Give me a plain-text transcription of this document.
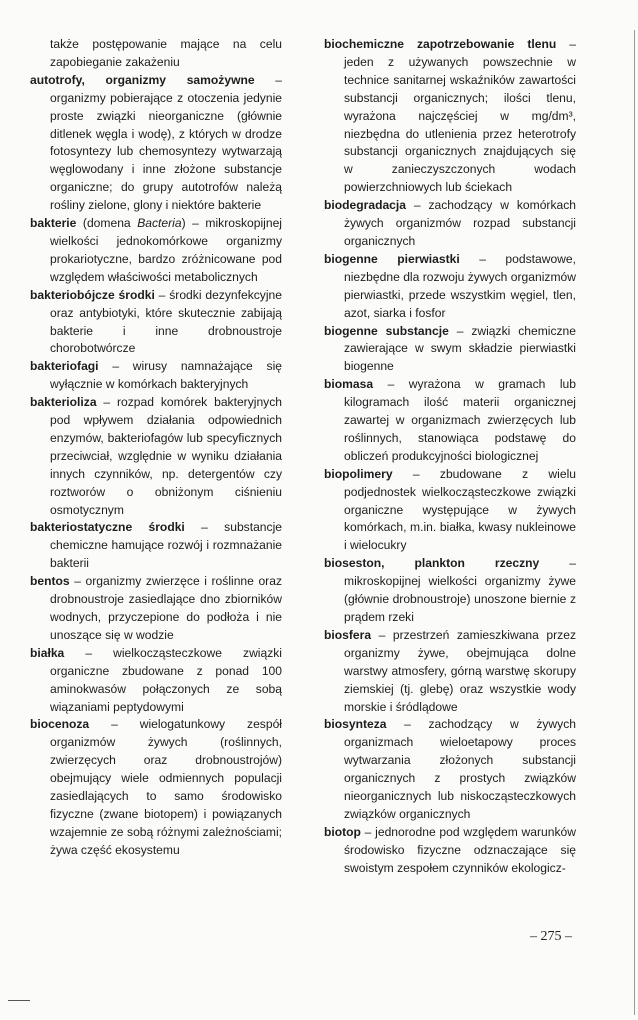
także postępowanie mające na celu zapobieganie zakażeniu
autotrofy, organizmy samożywne – organizmy pobierające z otoczenia jedynie proste związki nieorganiczne (głównie ditlenek węgla i wodę), z których w drodze fotosyntezy lub chemosyntezy wytwarzają węglowodany i inne złożone substancje organiczne; do grupy autotrofów należą rośliny zielone, glony i niektóre bakterie
bakterie (domena Bacteria) – mikroskopijnej wielkości jednokomórkowe organizmy prokariotyczne, bardzo zróżnicowane pod względem właściwości metabolicznych
bakteriobójcze środki – środki dezynfekcyjne oraz antybiotyki, które skutecznie zabijają bakterie i inne drobnoustroje chorobotwórcze
bakteriofagi – wirusy namnażające się wyłącznie w komórkach bakteryjnych
bakterioliza – rozpad komórek bakteryjnych pod wpływem działania odpowiednich enzymów, bakteriofagów lub specyficznych przeciwciał, względnie w wyniku działania innych czynników, np. detergentów czy roztworów o obniżonym ciśnieniu osmotycznym
bakteriostatyczne środki – substancje chemiczne hamujące rozwój i rozmnażanie bakterii
bentos – organizmy zwierzęce i roślinne oraz drobnoustroje zasiedlające dno zbiorników wodnych, przyczepione do podłoża i nie unoszące się w wodzie
białka – wielkocząsteczkowe związki organiczne zbudowane z ponad 100 aminokwasów połączonych ze sobą wiązaniami peptydowymi
biocenoza – wielogatunkowy zespół organizmów żywych (roślinnych, zwierzęcych oraz drobnoustrojów) obejmujący wiele odmiennych populacji zasiedlających to samo środowisko fizyczne (zwane biotopem) i powiązanych wzajemnie ze sobą różnymi zależnościami; żywa część ekosystemu
biochemiczne zapotrzebowanie tlenu – jeden z używanych powszechnie w technice sanitarnej wskaźników zawartości substancji organicznych; ilości tlenu, wyrażona najczęściej w mg/dm³, niezbędna do utlenienia przez heterotrofy substancji organicznych znajdujących się w zanieczyszczonych wodach powierzchniowych lub ściekach
biodegradacja – zachodzący w komórkach żywych organizmów rozpad substancji organicznych
biogenne pierwiastki – podstawowe, niezbędne dla rozwoju żywych organizmów pierwiastki, przede wszystkim węgiel, tlen, azot, siarka i fosfor
biogenne substancje – związki chemiczne zawierające w swym składzie pierwiastki biogenne
biomasa – wyrażona w gramach lub kilogramach ilość materii organicznej zawartej w organizmach zwierzęcych lub roślinnych, stanowiąca podstawę do obliczeń produkcyjności biologicznej
biopolimery – zbudowane z wielu podjednostek wielkocząsteczkowe związki organiczne występujące w żywych komórkach, m.in. białka, kwasy nukleinowe i wielocukry
bioseston, plankton rzeczny – mikroskopijnej wielkości organizmy żywe (głównie drobnoustroje) unoszone biernie z prądem rzeki
biosfera – przestrzeń zamieszkiwana przez organizmy żywe, obejmująca dolne warstwy atmosfery, górną warstwę skorupy ziemskiej (tj. glebę) oraz wszystkie wody morskie i śródlądowe
biosynteza – zachodzący w żywych organizmach wieloetapowy proces wytwarzania złożonych substancji organicznych z prostych związków nieorganicznych lub niskocząsteczkowych związków organicznych
biotop – jednorodne pod względem warunków środowisko fizyczne odznaczające się swoistym zespołem czynników ekologicz-
– 275 –
